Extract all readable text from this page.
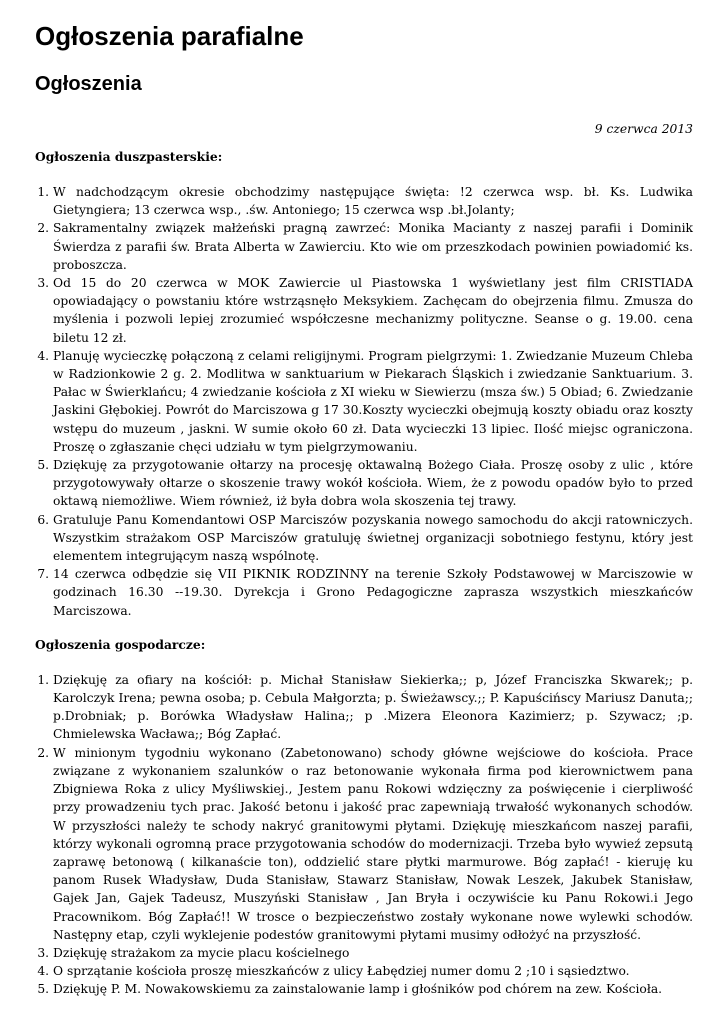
Ogłoszenia parafialne
Ogłoszenia
9 czerwca 2013
Ogłoszenia duszpasterskie:
1. W nadchodzącym okresie obchodzimy następujące święta: !2 czerwca wsp. bł. Ks. Ludwika Gietyngiera; 13 czerwca wsp., .św. Antoniego; 15 czerwca wsp .bł.Jolanty;
2. Sakramentalny związek małżeński pragną zawrzeć: Monika Macianty z naszej parafii i Dominik Świerdza z parafii św. Brata Alberta w Zawierciu. Kto wie om przeszkodach powinien powiadomić ks. proboszcza.
3. Od 15 do 20 czerwca w MOK Zawiercie ul Piastowska 1 wyświetlany jest film CRISTIADA opowiadający o powstaniu które wstrząsnęło Meksykiem. Zachęcam do obejrzenia filmu. Zmusza do myślenia i pozwoli lepiej zrozumieć współczesne mechanizmy polityczne. Seanse o g. 19.00. cena biletu 12 zł.
4. Planuję wycieczkę połączoną z celami religijnymi. Program pielgrzymi: 1. Zwiedzanie Muzeum Chleba w Radzionkowie 2 g. 2. Modlitwa w sanktuarium w Piekarach Śląskich i zwiedzanie Sanktuarium. 3. Pałac w Świerklańcu; 4 zwiedzanie kościoła z XI wieku w Siewierzu (msza św.) 5 Obiad; 6. Zwiedzanie Jaskini Głębokiej. Powrót do Marciszowa g 17 30.Koszty wycieczki obejmują koszty obiadu oraz koszty wstępu do muzeum , jaskni. W sumie około 60 zł. Data wycieczki 13 lipiec. Ilość miejsc ograniczona. Proszę o zgłaszanie chęci udziału w tym pielgrzymowaniu.
5. Dziękuję za przygotowanie ołtarzy na procesję oktawalną Bożego Ciała. Proszę osoby z ulic , które przygotowywały ołtarze o skoszenie trawy wokół kościoła. Wiem, że z powodu opadów było to przed oktawą niemożliwe. Wiem również, iż była dobra wola skoszenia tej trawy.
6. Gratuluje Panu Komendantowi OSP Marciszów pozyskania nowego samochodu do akcji ratowniczych. Wszystkim strażakom OSP Marciszów gratuluję świetnej organizacji sobotniego festynu, który jest elementem integrującym naszą wspólnotę.
7. 14 czerwca odbędzie się VII PIKNIK RODZINNY na terenie Szkoły Podstawowej w Marciszowie w godzinach 16.30 --19.30. Dyrekcja i Grono Pedagogiczne zaprasza wszystkich mieszkańców Marciszowa.
Ogłoszenia gospodarcze:
1. Dziękuję za ofiary na kościół: p. Michał Stanisław Siekierka;; p, Józef Franciszka Skwarek;; p. Karolczyk Irena; pewna osoba; p. Cebula Małgorzta; p. Świeżawscy.;; P. Kapuścińscy Mariusz Danuta;; p.Drobniak; p. Borówka Władysław Halina;; p .Mizera Eleonora Kazimierz; p. Szywacz; ;p. Chmielewska Wacława;; Bóg Zapłać.
2. W minionym tygodniu wykonano (Zabetonowano) schody główne wejściowe do kościoła. Prace związane z wykonaniem szalunków o raz betonowanie wykonała firma pod kierownictwem pana Zbigniewa Roka z ulicy Myśliwskiej., Jestem panu Rokowi wdzięczny za poświęcenie i cierpliwość przy prowadzeniu tych prac. Jakość betonu i jakość prac zapewniają trwałość wykonanych schodów. W przyszłości należy te schody nakryć granitowymi płytami. Dziękuję mieszkańcom naszej parafii, którzy wykonali ogromną prace przygotowania schodów do modernizacji. Trzeba było wywieź zepsutą zaprawę betonową ( kilkanaście ton), oddzielić stare płytki marmurowe. Bóg zapłać! - kieruję ku panom Rusek Władysław, Duda Stanisław, Stawarz Stanisław, Nowak Leszek, Jakubek Stanisław, Gajek Jan, Gajek Tadeusz, Muszyński Stanisław , Jan Bryła i oczywiście ku Panu Rokowi.i Jego Pracownikom. Bóg Zapłać!! W trosce o bezpieczeństwo zostały wykonane nowe wylewki schodów. Następny etap, czyli wyklejenie podestów granitowymi płytami musimy odłożyć na przyszłość.
3. Dziękuję strażakom za mycie placu kościelnego
4. O sprzątanie kościoła proszę mieszkańców z ulicy Łabędziej numer domu 2 ;10 i sąsiedztwo.
5. Dziękuję P. M. Nowakowskiemu za zainstalowanie lamp i głośników pod chórem na zew. Kościoła.
